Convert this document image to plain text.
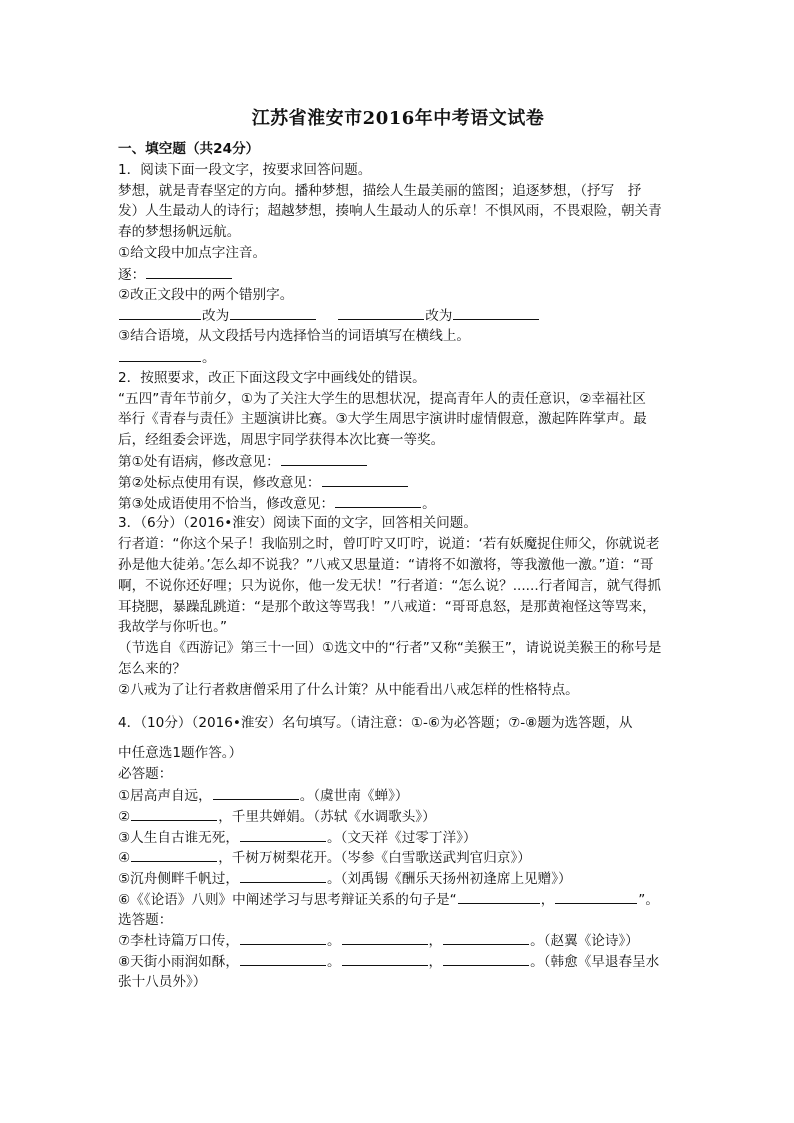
江苏省淮安市2016年中考语文试卷
一、填空题（共24分）
1．阅读下面一段文字，按要求回答问题。
梦想，就是青春坚定的方向。播种梦想，描绘人生最美丽的篮图；追逐梦想，（抒写　抒
发）人生最动人的诗行；超越梦想，揍响人生最动人的乐章！不惧风雨，不畏艰险，朝关青
春的梦想扬帆远航。
①给文段中加点字注音。
逐：
②改正文段中的两个错别字。
改为	改为
③结合语境，从文段括号内选择恰当的词语填写在横线上。
。
2．按照要求，改正下面这段文字中画线处的错误。
“五四”青年节前夕，①为了关注大学生的思想状况，提高青年人的责任意识，②幸福社区
举行《青春与责任》主题演讲比赛。③大学生周思宇演讲时虚情假意，激起阵阵掌声。最
后，经组委会评选，周思宇同学获得本次比赛一等奖。
第①处有语病，修改意见：
第②处标点使用有误，修改意见：
第③处成语使用不恰当，修改意见：	。
3．（6分）（2016•淮安）阅读下面的文字，回答相关问题。
行者道：“你这个呆子！我临别之时，曾叮咛又叮咛，说道：‘若有妖魔捉住师父，你就说老
孙是他大徒弟。’怎么却不说我？”八戒又思量道：“请将不如激将，等我激他一激。”道：“哥
啊，不说你还好哩；只为说你，他一发无状！”行者道：“怎么说？......行者闻言，就气得抓
耳挠腮，暴躁乱跳道：“是那个敢这等骂我！”八戒道：“哥哥息怒，是那黄袍怪这等骂来，
我故学与你听也。”
（节选自《西游记》第三十一回）①选文中的“行者”又称“美猴王”，请说说美猴王的称号是
怎么来的？
②八戒为了让行者救唐僧采用了什么计策？从中能看出八戒怎样的性格特点。
4．（10分）（2016•淮安）名句填写。（请注意：①-⑥为必答题；⑦-⑧题为选答题，从
中任意选1题作答。）
必答题：
①居高声自远，	。（虞世南《蝉》）
②	，千里共婵娟。（苏轼《水调歌头》）
③人生自古谁无死，	。（文天祥《过零丁洋》）
④	，千树万树梨花开。（岑参《白雪歌送武判官归京》）
⑤沉舟侧畔千帆过，	。（刘禹锡《酬乐天扬州初逢席上见赠》）
⑥《《论语》八则》中阐述学习与思考辩证关系的句子是“	，	”。
选答题：
⑦李杜诗篇万口传，	。	，	。（赵翼《论诗》）
⑧天街小雨润如酥，	。	，	。（韩愈《早退春呈水
张十八员外》）
